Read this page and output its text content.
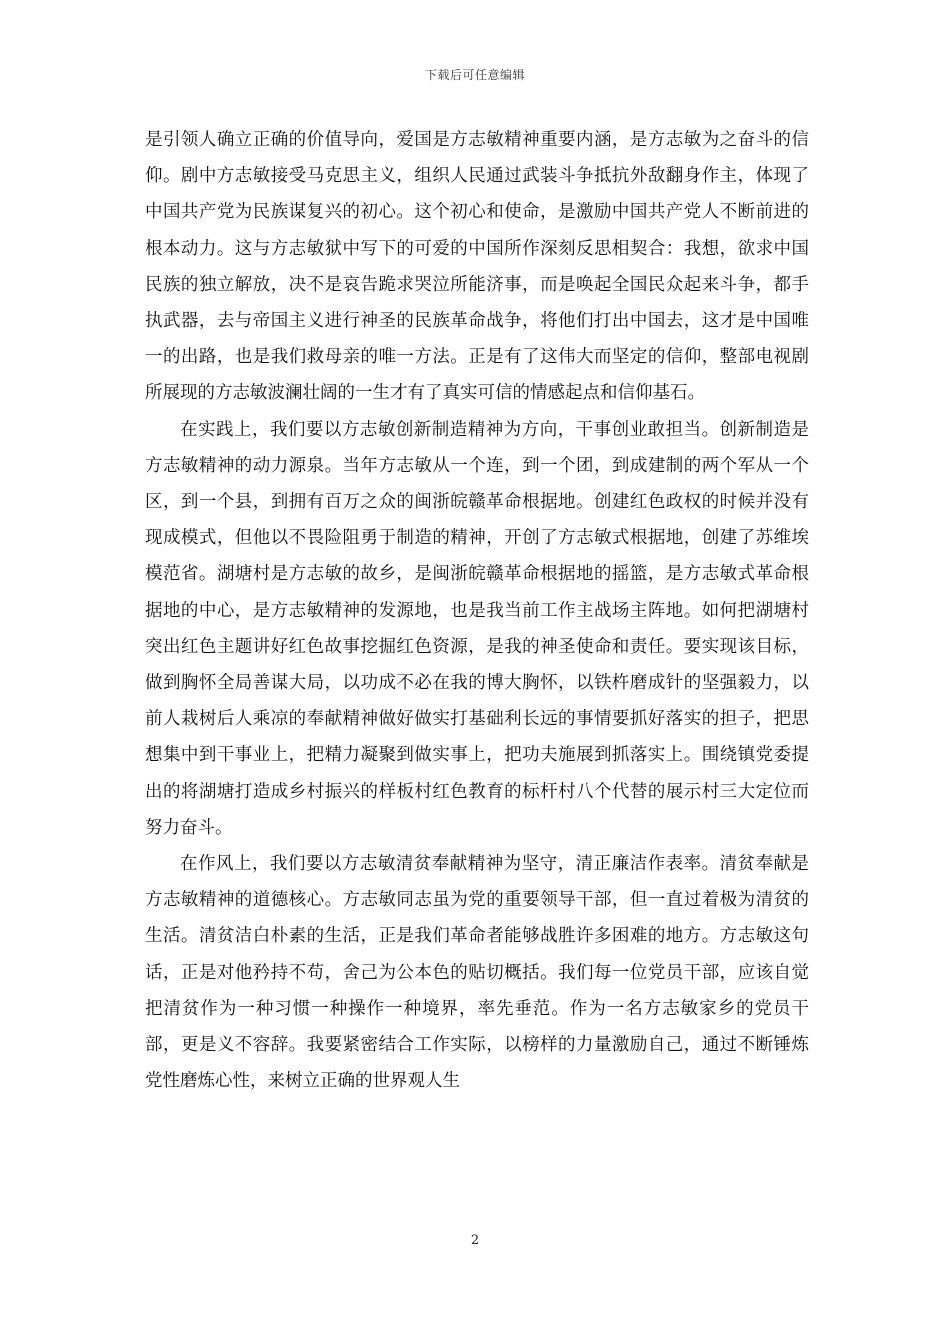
下载后可任意编辑

是引领人确立正确的价值导向，爱国是方志敏精神重要内涵，是方志敏为之奋斗的信仰。剧中方志敏接受马克思主义，组织人民通过武装斗争抵抗外敌翻身作主，体现了中国共产党为民族谋复兴的初心。这个初心和使命，是激励中国共产党人不断前进的根本动力。这与方志敏狱中写下的可爱的中国所作深刻反思相契合：我想，欲求中国民族的独立解放，决不是哀告跪求哭泣所能济事，而是唤起全国民众起来斗争，都手执武器，去与帝国主义进行神圣的民族革命战争，将他们打出中国去，这才是中国唯一的出路，也是我们救母亲的唯一方法。正是有了这伟大而坚定的信仰，整部电视剧所展现的方志敏波澜壮阔的一生才有了真实可信的情感起点和信仰基石。

在实践上，我们要以方志敏创新制造精神为方向，干事创业敢担当。创新制造是方志敏精神的动力源泉。当年方志敏从一个连，到一个团，到成建制的两个军从一个区，到一个县，到拥有百万之众的闽浙皖赣革命根据地。创建红色政权的时候并没有现成模式，但他以不畏险阻勇于制造的精神，开创了方志敏式根据地，创建了苏维埃模范省。湖塘村是方志敏的故乡，是闽浙皖赣革命根据地的摇篮，是方志敏式革命根据地的中心，是方志敏精神的发源地，也是我当前工作主战场主阵地。如何把湖塘村突出红色主题讲好红色故事挖掘红色资源，是我的神圣使命和责任。要实现该目标，做到胸怀全局善谋大局，以功成不必在我的博大胸怀，以铁杵磨成针的坚强毅力，以前人栽树后人乘凉的奉献精神做好做实打基础利长远的事情要抓好落实的担子，把思想集中到干事业上，把精力凝聚到做实事上，把功夫施展到抓落实上。围绕镇党委提出的将湖塘打造成乡村振兴的样板村红色教育的标杆村八个代替的展示村三大定位而努力奋斗。

在作风上，我们要以方志敏清贫奉献精神为坚守，清正廉洁作表率。清贫奉献是方志敏精神的道德核心。方志敏同志虽为党的重要领导干部，但一直过着极为清贫的生活。清贫洁白朴素的生活，正是我们革命者能够战胜许多困难的地方。方志敏这句话，正是对他矜持不苟，舍己为公本色的贴切概括。我们每一位党员干部，应该自觉把清贫作为一种习惯一种操作一种境界，率先垂范。作为一名方志敏家乡的党员干部，更是义不容辞。我要紧密结合工作实际，以榜样的力量激励自己，通过不断锤炼党性磨炼心性，来树立正确的世界观人生

2
